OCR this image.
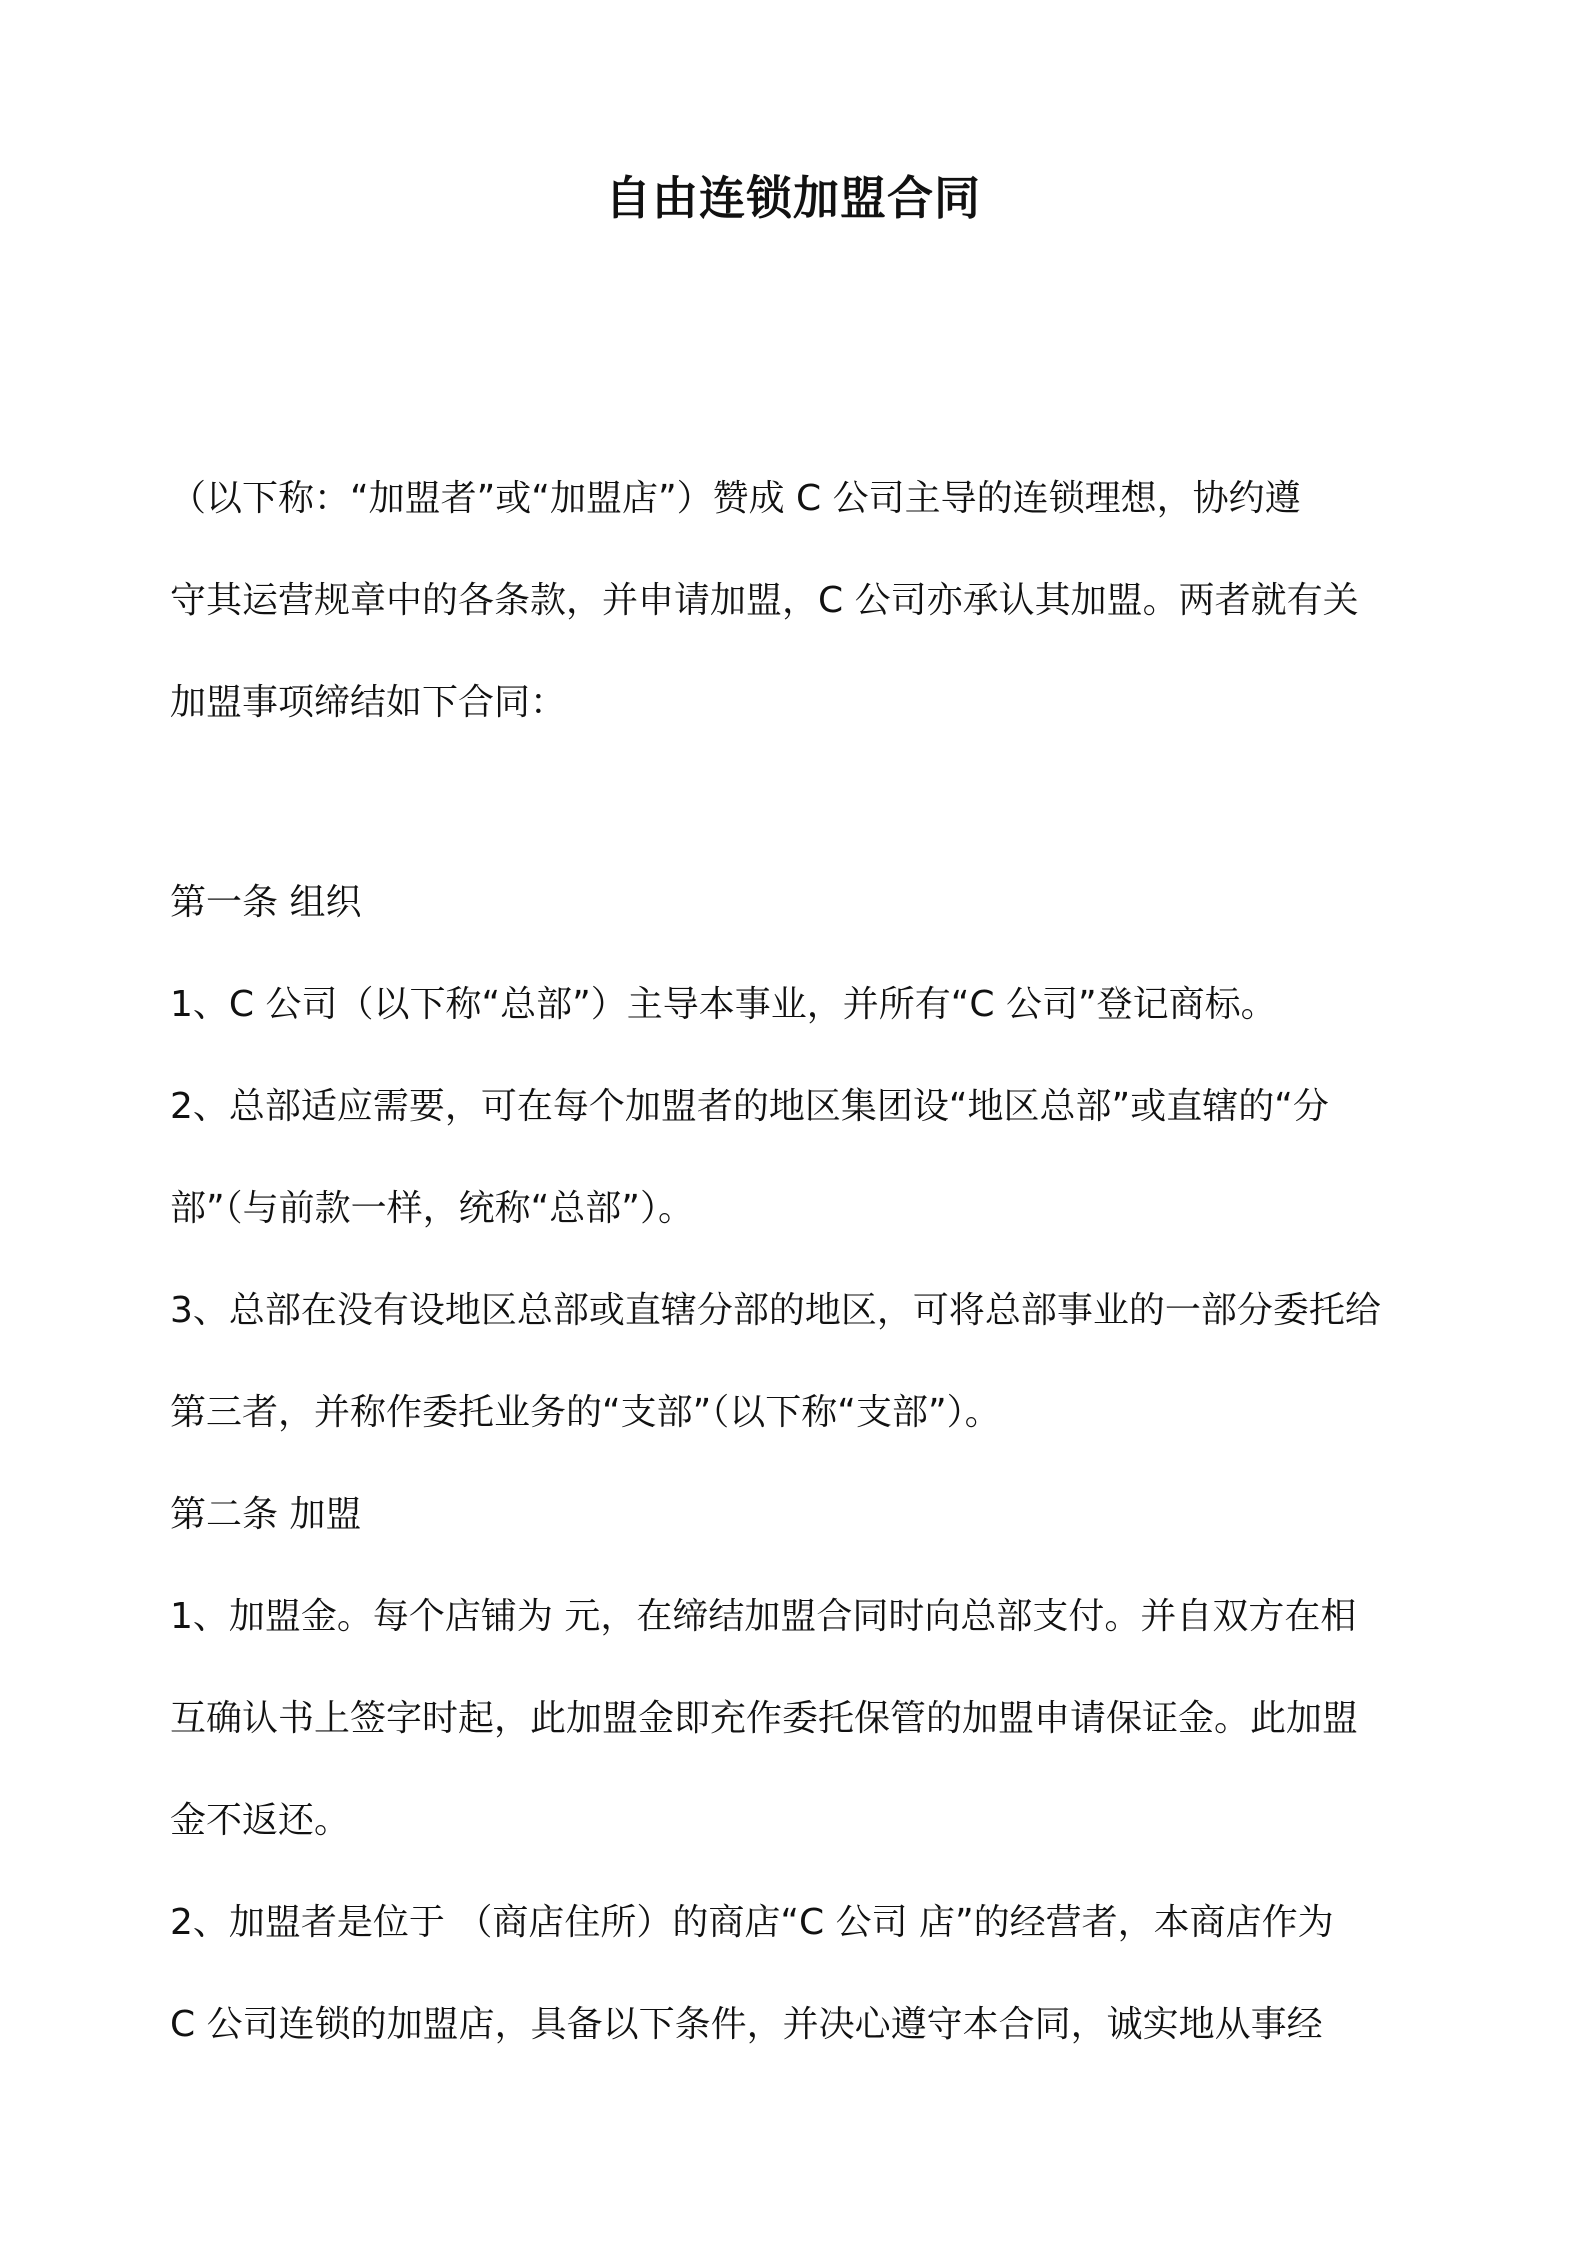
自由连锁加盟合同

（以下称：“加盟者”或“加盟店”）赞成 C 公司主导的连锁理想，协约遵

守其运营规章中的各条款，并申请加盟，C 公司亦承认其加盟。两者就有关

加盟事项缔结如下合同：

第一条 组织

1、C 公司（以下称“总部”）主导本事业，并所有“C 公司”登记商标。

2、总部适应需要，可在每个加盟者的地区集团设“地区总部”或直辖的“分

部”（与前款一样，统称“总部”）。

3、总部在没有设地区总部或直辖分部的地区，可将总部事业的一部分委托给

第三者，并称作委托业务的“支部”（以下称“支部”）。

第二条 加盟

1、加盟金。每个店铺为 元，在缔结加盟合同时向总部支付。并自双方在相

互确认书上签字时起，此加盟金即充作委托保管的加盟申请保证金。此加盟

金不返还。

2、加盟者是位于 （商店住所）的商店“C 公司 店”的经营者，本商店作为

C 公司连锁的加盟店，具备以下条件，并决心遵守本合同，诚实地从事经
